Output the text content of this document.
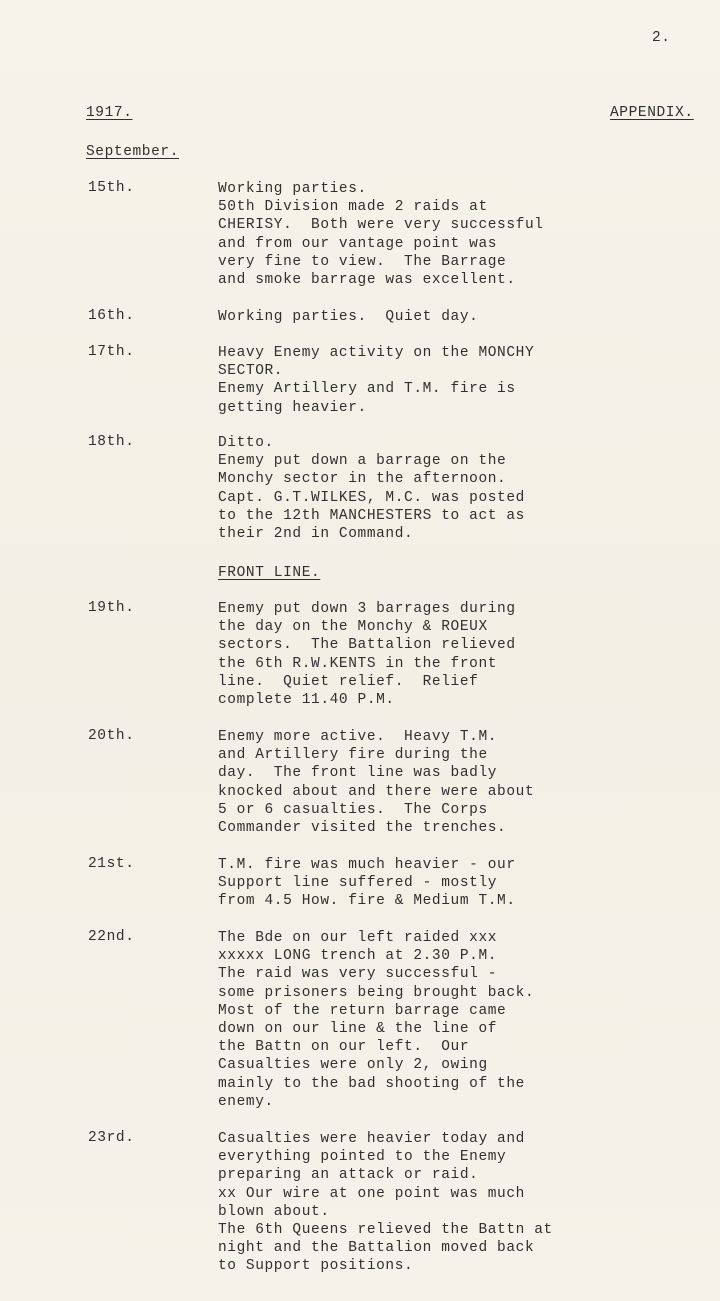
2.
1917.	APPENDIX.
September.
15th.	Working parties.
50th Division made 2 raids at
CHERISY.  Both were very successful
and from our vantage point was
very fine to view.  The Barrage
and smoke barrage was excellent.
16th.	Working parties.  Quiet day.
17th.	Heavy Enemy activity on the MONCHY
SECTOR.
Enemy Artillery and T.M. fire is
getting heavier.
18th.	Ditto.
Enemy put down a barrage on the
Monchy sector in the afternoon.
Capt. G.T.WILKES, M.C. was posted
to the 12th MANCHESTERS to act as
their 2nd in Command.
19th.	Enemy put down 3 barrages during
the day on the Monchy & ROEUX
sectors.  The Battalion relieved
the 6th R.W.KENTS in the front
line.  Quiet relief.  Relief
complete 11.40 P.M.
20th.	Enemy more active.  Heavy T.M.
and Artillery fire during the
day.  The front line was badly
knocked about and there were about
5 or 6 casualties.  The Corps
Commander visited the trenches.
21st.	T.M. fire was much heavier - our
Support line suffered - mostly
from 4.5 How. fire & Medium T.M.
22nd.	The Bde on our left raided xxx
xxxxx LONG trench at 2.30 P.M.
The raid was very successful -
some prisoners being brought back.
Most of the return barrage came
down on our line & the line of
the Battn on our left.  Our
Casualties were only 2, owing
mainly to the bad shooting of the
enemy.
23rd.	Casualties were heavier today and
everything pointed to the Enemy
preparing an attack or raid.
xx Our wire at one point was much
blown about.
The 6th Queens relieved the Battn at
night and the Battalion moved back
to Support positions.
FRONT LINE.
